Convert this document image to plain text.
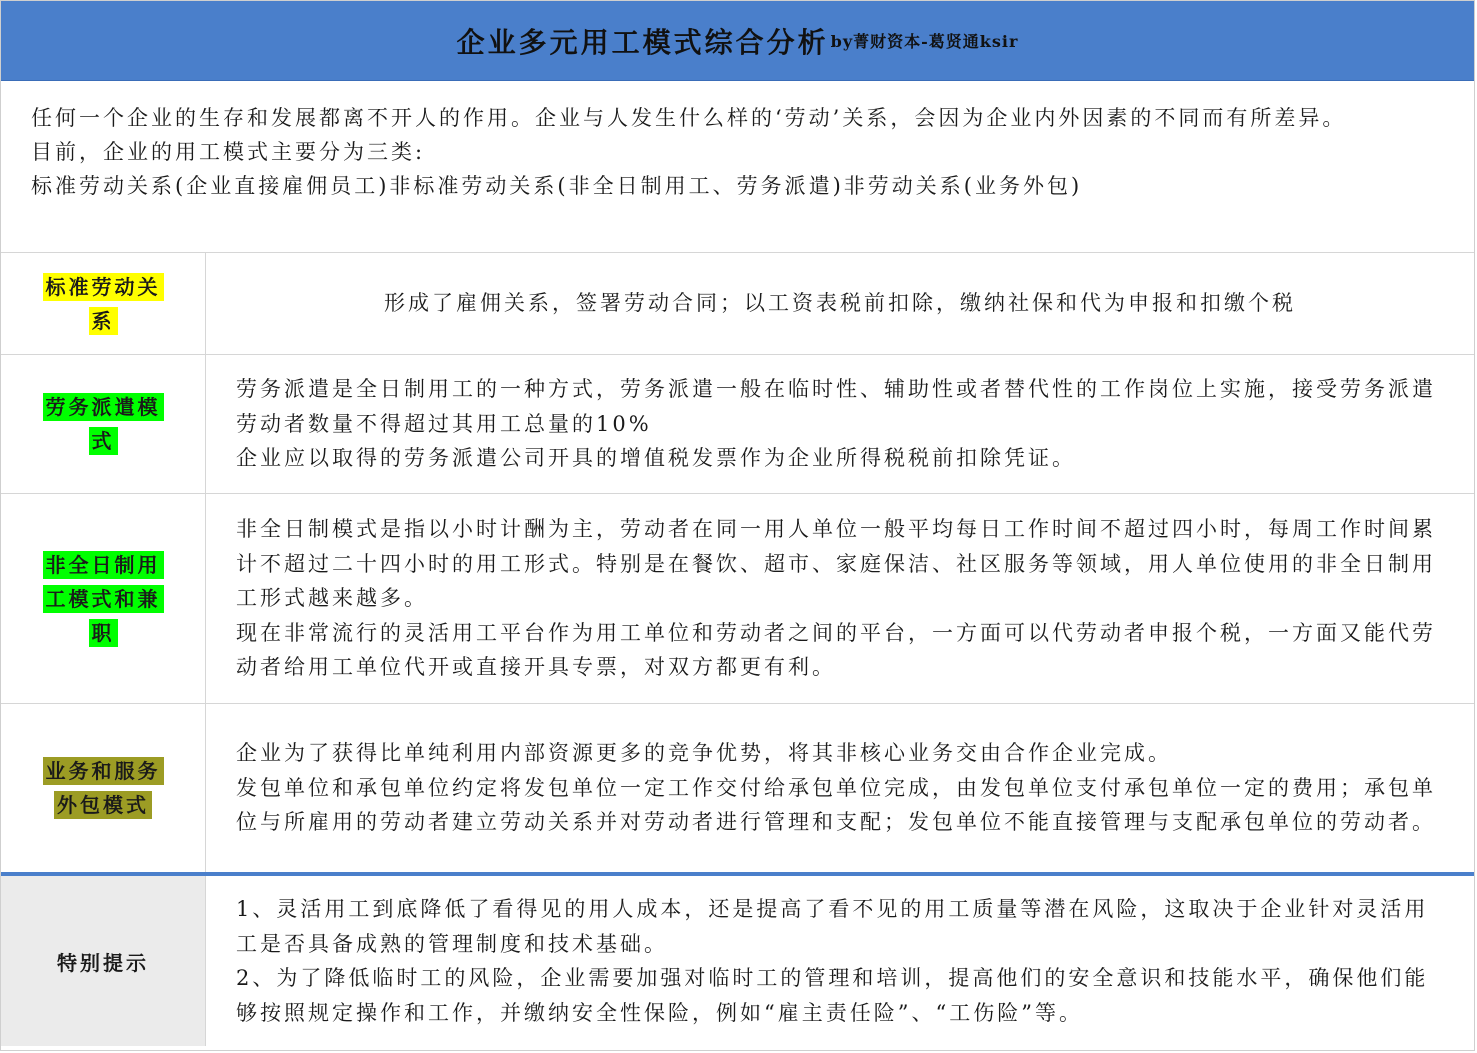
企业多元用工模式综合分析 by菁财资本-葛贤通ksir

任何一个企业的生存和发展都离不开人的作用。企业与人发生什么样的‘劳动’关系，会因为企业内外因素的不同而有所差异。

目前，企业的用工模式主要分为三类:

标准劳动关系(企业直接雇佣员工)非标准劳动关系(非全日制用工、劳务派遣)非劳动关系(业务外包)

标准劳动关
系

形成了雇佣关系，签署劳动合同；以工资表税前扣除，缴纳社保和代为申报和扣缴个税

劳务派遣模
式

劳务派遣是全日制用工的一种方式，劳务派遣一般在临时性、辅助性或者替代性的工作岗位上实施，接受劳务派遣劳动者数量不得超过其用工总量的10%

企业应以取得的劳务派遣公司开具的增值税发票作为企业所得税税前扣除凭证。

非全日制用
工模式和兼
职

非全日制模式是指以小时计酬为主，劳动者在同一用人单位一般平均每日工作时间不超过四小时，每周工作时间累计不超过二十四小时的用工形式。特别是在餐饮、超市、家庭保洁、社区服务等领域，用人单位使用的非全日制用工形式越来越多。

现在非常流行的灵活用工平台作为用工单位和劳动者之间的平台，一方面可以代劳动者申报个税，一方面又能代劳动者给用工单位代开或直接开具专票，对双方都更有利。

业务和服务
外包模式

企业为了获得比单纯利用内部资源更多的竞争优势，将其非核心业务交由合作企业完成。

发包单位和承包单位约定将发包单位一定工作交付给承包单位完成，由发包单位支付承包单位一定的费用；承包单位与所雇用的劳动者建立劳动关系并对劳动者进行管理和支配；发包单位不能直接管理与支配承包单位的劳动者。

特别提示

1、灵活用工到底降低了看得见的用人成本，还是提高了看不见的用工质量等潜在风险，这取决于企业针对灵活用工是否具备成熟的管理制度和技术基础。

2、为了降低临时工的风险，企业需要加强对临时工的管理和培训，提高他们的安全意识和技能水平，确保他们能够按照规定操作和工作，并缴纳安全性保险，例如“雇主责任险”、“工伤险”等。
